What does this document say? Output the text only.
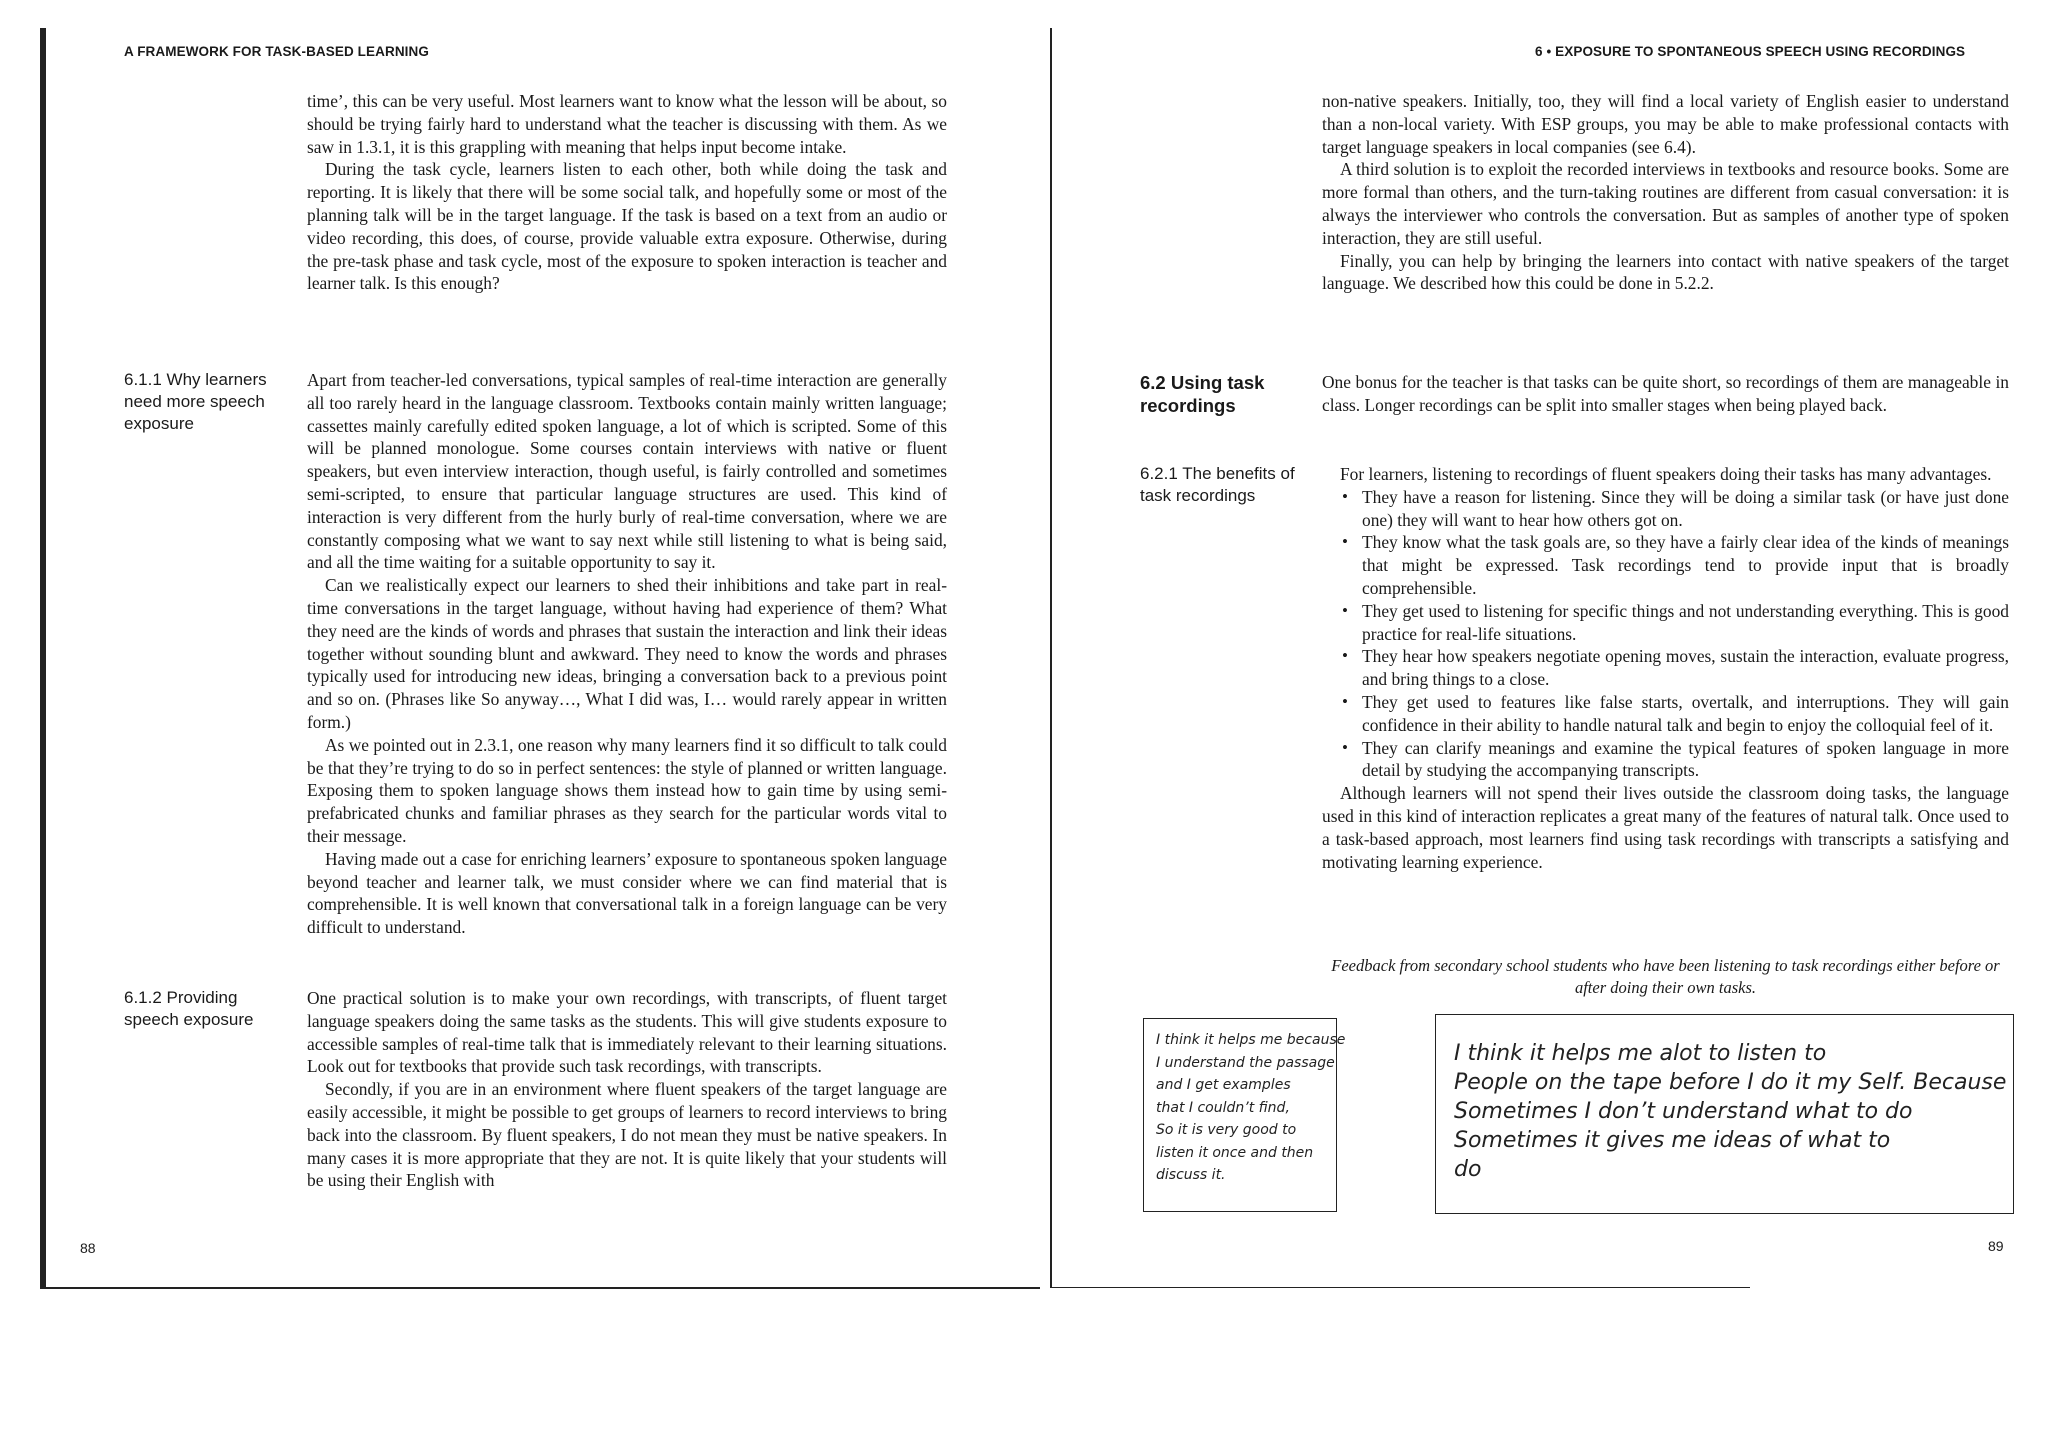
A FRAMEWORK FOR TASK-BASED LEARNING

time’, this can be very useful. Most learners want to know what the lesson will be about, so should be trying fairly hard to understand what the teacher is discussing with them. As we saw in 1.3.1, it is this grappling with meaning that helps input become intake.

During the task cycle, learners listen to each other, both while doing the task and reporting. It is likely that there will be some social talk, and hopefully some or most of the planning talk will be in the target language. If the task is based on a text from an audio or video recording, this does, of course, provide valuable extra exposure. Otherwise, during the pre-task phase and task cycle, most of the exposure to spoken interaction is teacher and learner talk. Is this enough?

6.1.1 Why learners need more speech exposure

Apart from teacher-led conversations, typical samples of real-time interaction are generally all too rarely heard in the language classroom. Textbooks contain mainly written language; cassettes mainly carefully edited spoken language, a lot of which is scripted. Some of this will be planned monologue. Some courses contain interviews with native or fluent speakers, but even interview interaction, though useful, is fairly controlled and sometimes semi-scripted, to ensure that particular language structures are used. This kind of interaction is very different from the hurly burly of real-time conversation, where we are constantly composing what we want to say next while still listening to what is being said, and all the time waiting for a suitable opportunity to say it.

Can we realistically expect our learners to shed their inhibitions and take part in real-time conversations in the target language, without having had experience of them? What they need are the kinds of words and phrases that sustain the interaction and link their ideas together without sounding blunt and awkward. They need to know the words and phrases typically used for introducing new ideas, bringing a conversation back to a previous point and so on. (Phrases like So anyway…, What I did was, I… would rarely appear in written form.)

As we pointed out in 2.3.1, one reason why many learners find it so difficult to talk could be that they’re trying to do so in perfect sentences: the style of planned or written language. Exposing them to spoken language shows them instead how to gain time by using semi-prefabricated chunks and familiar phrases as they search for the particular words vital to their message.

Having made out a case for enriching learners’ exposure to spontaneous spoken language beyond teacher and learner talk, we must consider where we can find material that is comprehensible. It is well known that conversational talk in a foreign language can be very difficult to understand.

6.1.2 Providing speech exposure

One practical solution is to make your own recordings, with transcripts, of fluent target language speakers doing the same tasks as the students. This will give students exposure to accessible samples of real-time talk that is immediately relevant to their learning situations. Look out for textbooks that provide such task recordings, with transcripts.

Secondly, if you are in an environment where fluent speakers of the target language are easily accessible, it might be possible to get groups of learners to record interviews to bring back into the classroom. By fluent speakers, I do not mean they must be native speakers. In many cases it is more appropriate that they are not. It is quite likely that your students will be using their English with

88
6 • EXPOSURE TO SPONTANEOUS SPEECH USING RECORDINGS

non-native speakers. Initially, too, they will find a local variety of English easier to understand than a non-local variety. With ESP groups, you may be able to make professional contacts with target language speakers in local companies (see 6.4).

A third solution is to exploit the recorded interviews in textbooks and resource books. Some are more formal than others, and the turn-taking routines are different from casual conversation: it is always the interviewer who controls the conversation. But as samples of another type of spoken interaction, they are still useful.

Finally, you can help by bringing the learners into contact with native speakers of the target language. We described how this could be done in 5.2.2.

6.2 Using task recordings

One bonus for the teacher is that tasks can be quite short, so recordings of them are manageable in class. Longer recordings can be split into smaller stages when being played back.

6.2.1 The benefits of task recordings

For learners, listening to recordings of fluent speakers doing their tasks has many advantages.

• They have a reason for listening. Since they will be doing a similar task (or have just done one) they will want to hear how others got on.
• They know what the task goals are, so they have a fairly clear idea of the kinds of meanings that might be expressed. Task recordings tend to provide input that is broadly comprehensible.
• They get used to listening for specific things and not understanding everything. This is good practice for real-life situations.
• They hear how speakers negotiate opening moves, sustain the interaction, evaluate progress, and bring things to a close.
• They get used to features like false starts, overtalk, and interruptions. They will gain confidence in their ability to handle natural talk and begin to enjoy the colloquial feel of it.
• They can clarify meanings and examine the typical features of spoken language in more detail by studying the accompanying transcripts.

Although learners will not spend their lives outside the classroom doing tasks, the language used in this kind of interaction replicates a great many of the features of natural talk. Once used to a task-based approach, most learners find using task recordings with transcripts a satisfying and motivating learning experience.

Feedback from secondary school students who have been listening to task recordings either before or after doing their own tasks.
I think it helps me because
I understand the passage
and I get examples
that I couldn’t find,
So it is very good to
listen it once and then
discuss it.
I think it helps me alot to listen to
People on the tape before I do it my Self. Because
Sometimes I don’t understand what to do
Sometimes it gives me ideas of what to
do
89
